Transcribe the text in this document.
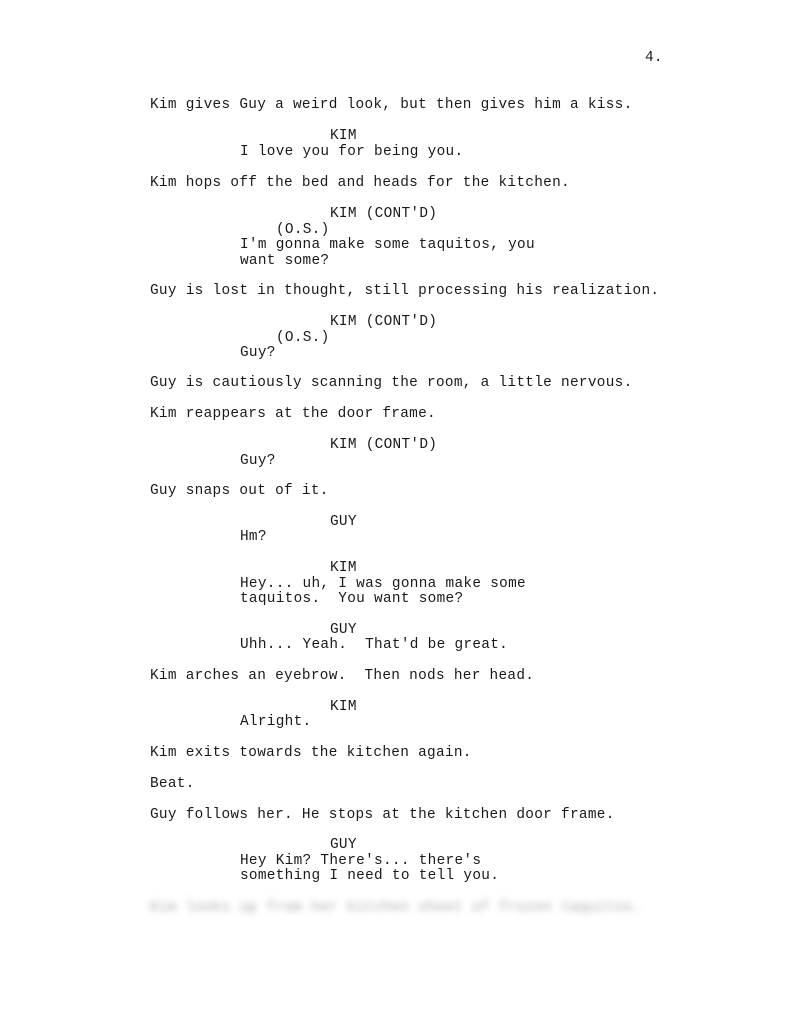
4.
Kim gives Guy a weird look, but then gives him a kiss.
KIM
I love you for being you.
Kim hops off the bed and heads for the kitchen.
KIM (CONT'D)
(O.S.)
I'm gonna make some taquitos, you
want some?
Guy is lost in thought, still processing his realization.
KIM (CONT'D)
(O.S.)
Guy?
Guy is cautiously scanning the room, a little nervous.
Kim reappears at the door frame.
KIM (CONT'D)
Guy?
Guy snaps out of it.
GUY
Hm?
KIM
Hey... uh, I was gonna make some
taquitos.  You want some?
GUY
Uhh... Yeah.  That'd be great.
Kim arches an eyebrow.  Then nods her head.
KIM
Alright.
Kim exits towards the kitchen again.
Beat.
Guy follows her. He stops at the kitchen door frame.
GUY
Hey Kim? There's... there's
something I need to tell you.
Kim looks up from her kitchen sheet of frozen taquitos.
